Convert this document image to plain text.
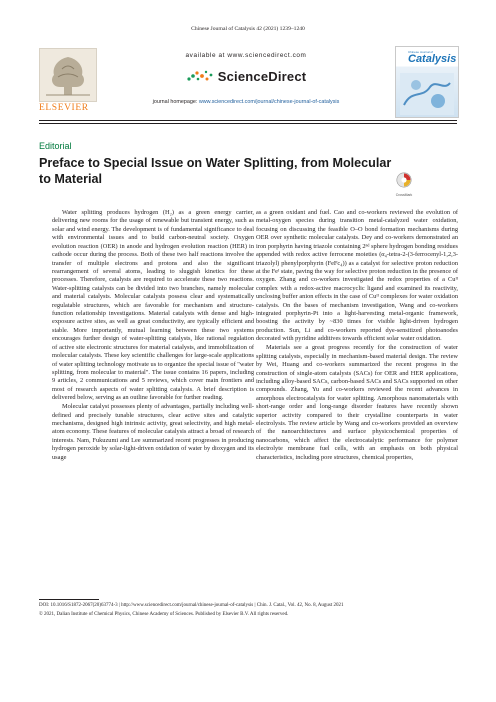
Chinese Journal of Catalysis 42 (2021) 1239–1240
ELSEVIER
available at www.sciencedirect.com
ScienceDirect
journal homepage: www.sciencedirect.com/journal/chinese-journal-of-catalysis
Chinese Journal of
Catalysis
Editorial
Preface to Special Issue on Water Splitting, from Molecular to Material
CrossMark

Water splitting produces hydrogen (H₂) as a green energy carrier, delivering new rooms for the usage of renewable but transient energy, such as solar and wind energy. The development is of fundamental significance to deal with environmental issues and to build carbon-neutral society. Oxygen evolution reaction (OER) in anode and hydrogen evolution reaction (HER) in cathode occur during the process. Both of these two half reactions involve the transfer of multiple electrons and protons and also the significant rearrangement of several atoms, leading to sluggish kinetics for these processes. Therefore, catalysts are required to accelerate these two reactions. Water-splitting catalysts can be divided into two branches, namely molecular and material catalysts. Molecular catalysts possess clear and systematically regulatable structures, which are favorable for mechanism and structure-function relationship investigations. Material catalysts with dense and high-exposure active sites, as well as great conductivity, are typically efficient and stable. More importantly, mutual learning between these two systems encourages further design of water-splitting catalysts, like rational regulation of active site electronic structures for material catalysts, and immobilization of molecular catalysts. These key scientific challenges for large-scale applications of water splitting technology motivate us to organize the special issue of "water splitting, from molecular to material". The issue contains 16 papers, including 9 articles, 2 communications and 5 reviews, which cover main frontiers and most of research aspects of water splitting catalysis. A brief description is delivered below, serving as an outline favorable for further reading.

Molecular catalyst possesses plenty of advantages, partially including well-defined and precisely tunable structures, clear active sites and catalytic mechanisms, designed high intrinsic activity, great selectivity, and high metal-atom economy. These features of molecular catalysis attract a broad of research interests. Nam, Fukuzumi and Lee summarized recent progresses in producing hydrogen peroxide by solar-light-driven oxidation of water by dioxygen and its usage

as a green oxidant and fuel. Cao and co-workers reviewed the evolution of metal-oxygen species during transition metal-catalyzed water oxidation, focusing on discussing the feasible O–O bond formation mechanisms during OER over synthetic molecular catalysts. Dey and co-workers demonstrated an iron porphyrin having triazole containing 2ⁿᵈ sphere hydrogen bonding residues appended with redox active ferrocene moieties (α₄-tetra-2-(3-ferrocenyl-1,2,3-triazolyl) phenylporphyrin (FeFc₄)) as a catalyst for selective proton reduction at the Feᴵ state, paving the way for selective proton reduction in the presence of oxygen. Zhang and co-workers investigated the redox properties of a Cuᴵᴵ complex with a redox-active macrocyclic ligand and examined its reactivity, unclosing buffer anion effects in the case of Cuᴵᴵ complexes for water oxidation catalysis. On the bases of mechanism investigation, Wang and co-workers integrated porphyrin-Pt into a light-harvesting metal-organic framework, boosting the activity by ~830 times for visible light-driven hydrogen production. Sun, Li and co-workers reported dye-sensitized photoanodes decorated with pyridine additives towards efficient solar water oxidation.

Materials see a great progress recently for the construction of water splitting catalysts, especially in mechanism-based material design. The review by Wei, Huang and co-workers summarized the recent progress in the construction of single-atom catalysts (SACs) for OER and HER applications, including alloy-based SACs, carbon-based SACs and SACs supported on other compounds. Zhang, Yu and co-workers reviewed the recent advances in amorphous electrocatalysts for water splitting. Amorphous nanomaterials with short-range order and long-range disorder features have recently shown superior activity compared to their crystalline counterparts in water electrolysis. The review article by Wang and co-workers provided an overview of the nanoarchitectures and surface physicochemical properties of nanocarbons, which affect the electrocatalytic performance for polymer electrolyte membrane fuel cells, with an emphasis on both physical characteristics, including pore structures, chemical properties,

DOI: 10.1016/S1872-2067(20)63774-3 | http://www.sciencedirect.com/journal/chinese-journal-of-catalysis | Chin. J. Catal., Vol. 42, No. 8, August 2021
© 2021, Dalian Institute of Chemical Physics, Chinese Academy of Sciences. Published by Elsevier B.V. All rights reserved.
